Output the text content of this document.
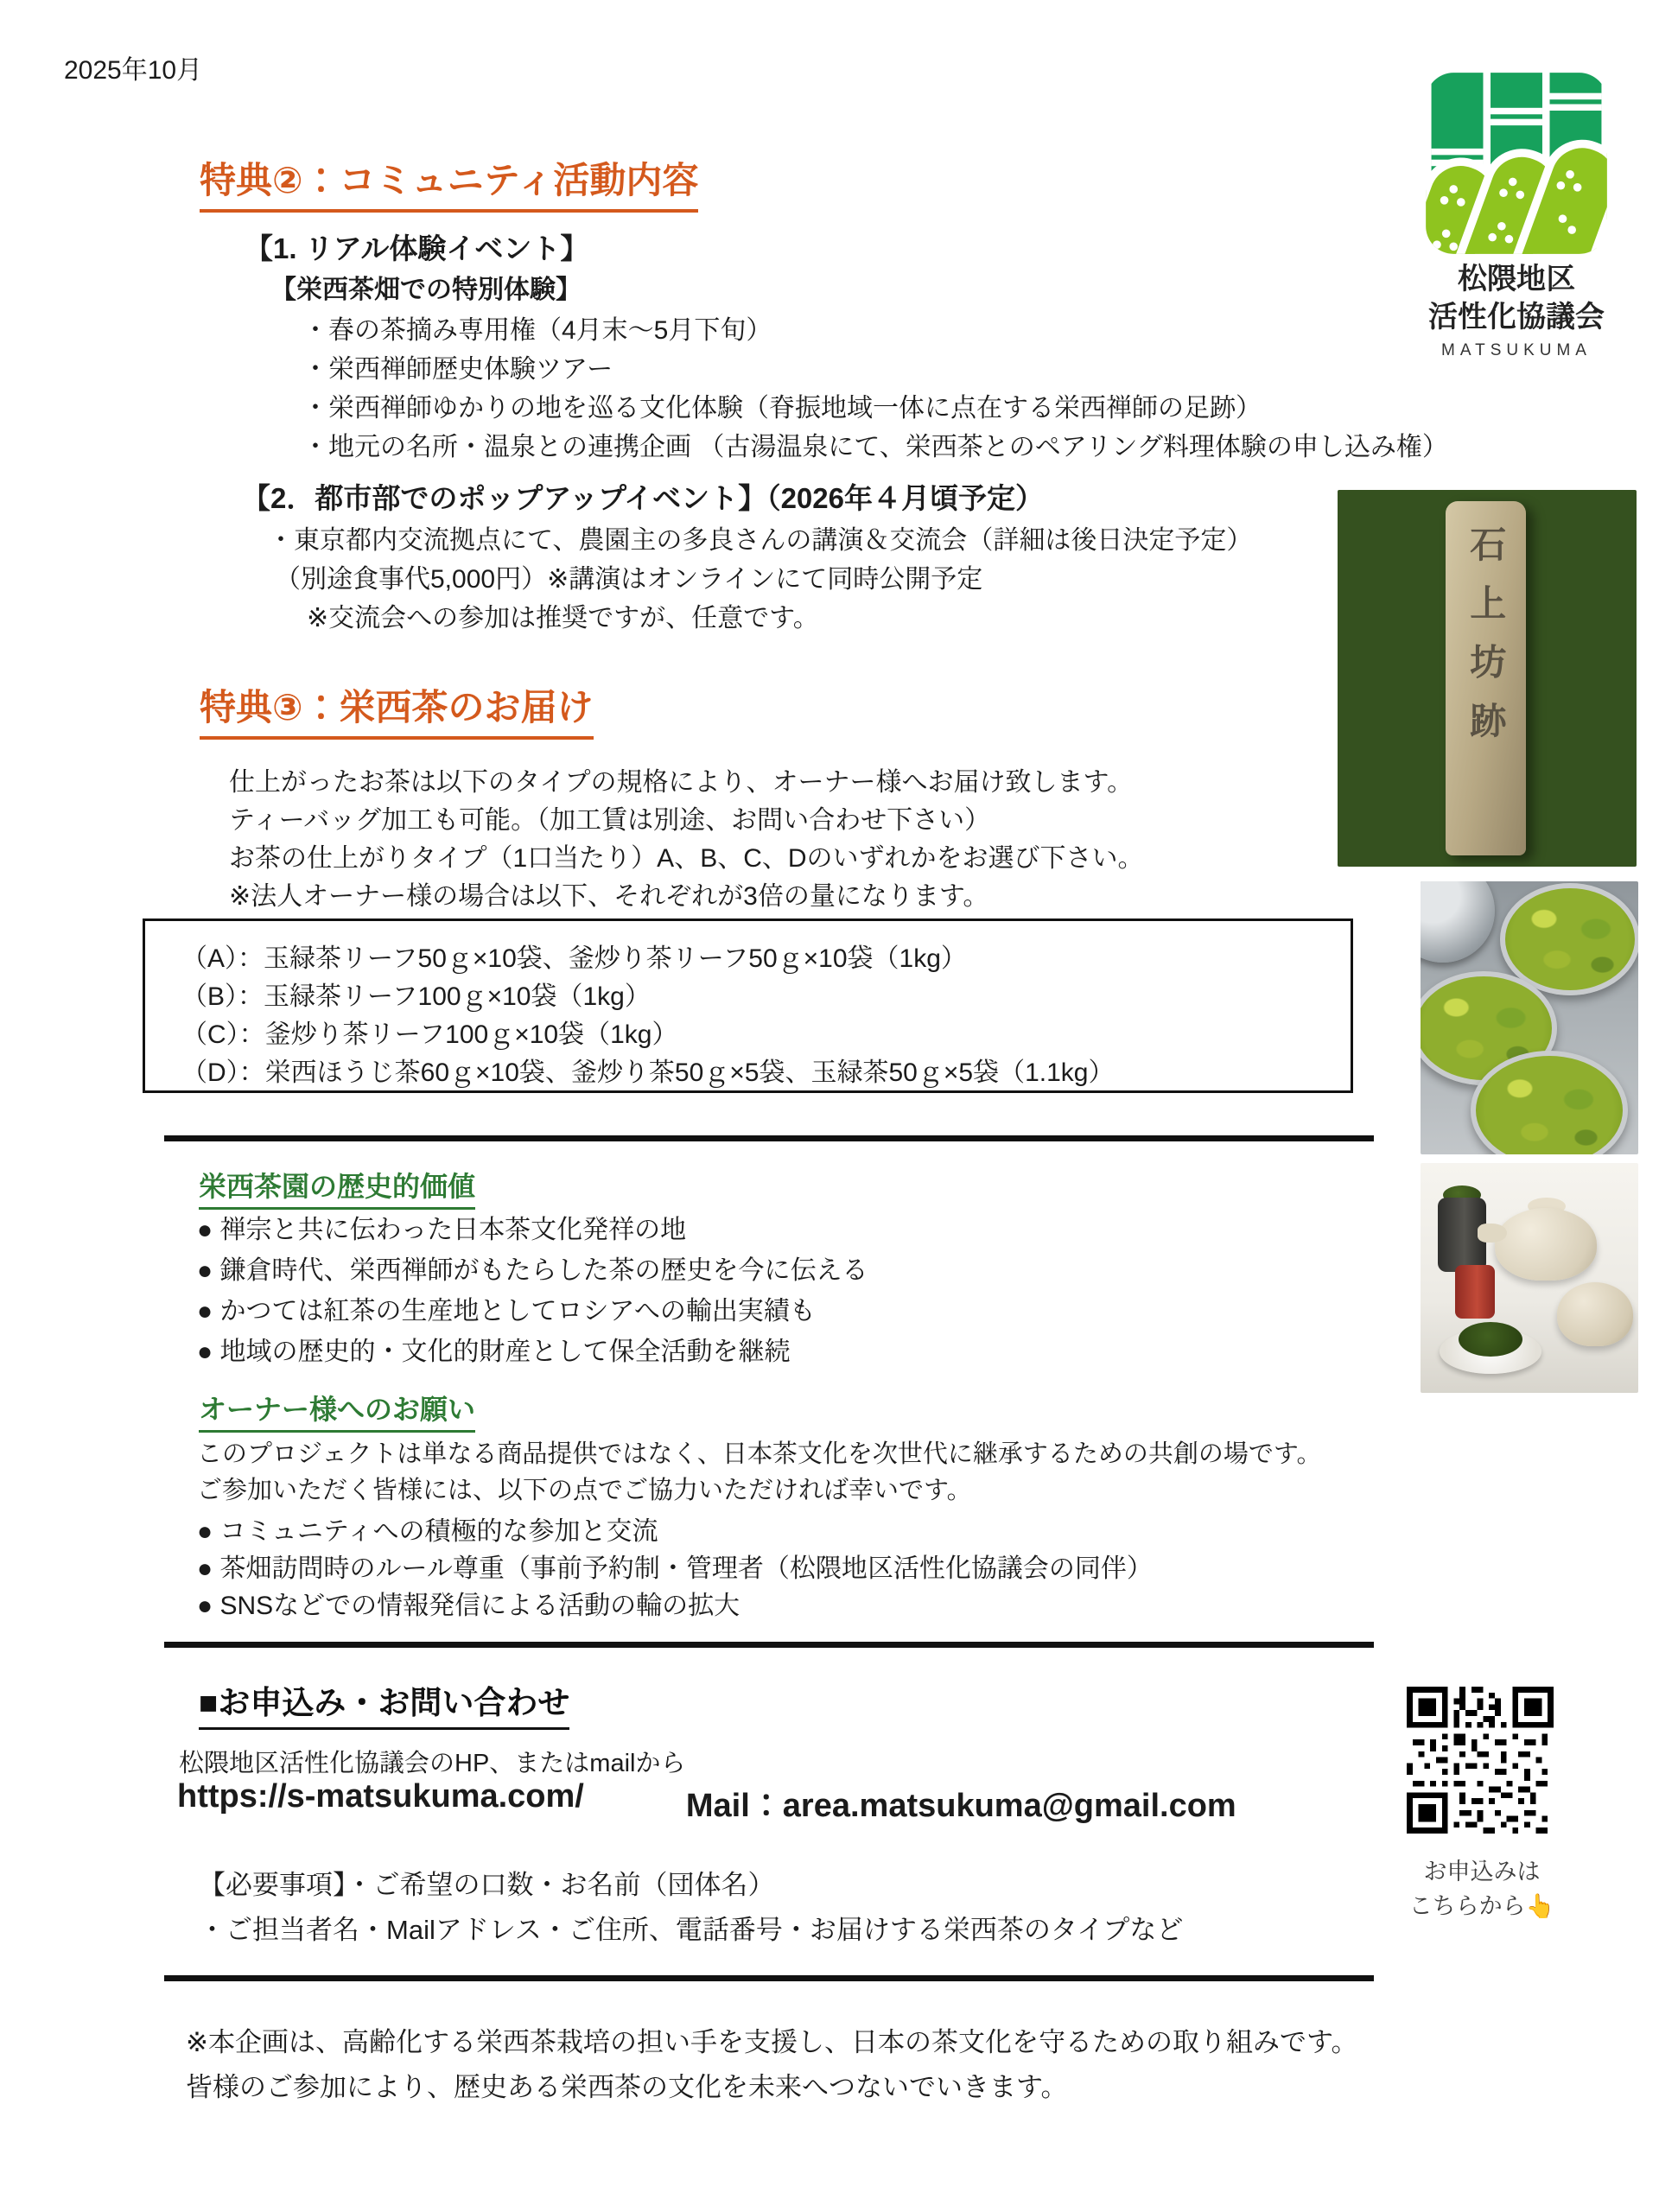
2025年10月
松隈地区
活性化協議会
MATSUKUMA
特典②：コミュニティ活動内容
【1. リアル体験イベント】
【栄西茶畑での特別体験】
・春の茶摘み専用権（4月末～5月下旬）
・栄西禅師歴史体験ツアー
・栄西禅師ゆかりの地を巡る文化体験（脊振地域一体に点在する栄西禅師の足跡）
・地元の名所・温泉との連携企画 （古湯温泉にて、栄西茶とのペアリング料理体験の申し込み権）
【2．都市部でのポップアップイベント】（2026年４月頃予定）
・東京都内交流拠点にて、農園主の多良さんの講演＆交流会（詳細は後日決定予定）
（別途食事代5,000円）※講演はオンラインにて同時公開予定
※交流会への参加は推奨ですが、任意です。
特典③：栄西茶のお届け
仕上がったお茶は以下のタイプの規格により、オーナー様へお届け致します。
ティーバッグ加工も可能。（加工賃は別途、お問い合わせ下さい）
お茶の仕上がりタイプ（1口当たり）A、B、C、Dのいずれかをお選び下さい。
※法人オーナー様の場合は以下、それぞれが3倍の量になります。
（A）：玉緑茶リーフ50ｇ×10袋、釜炒り茶リーフ50ｇ×10袋（1kg）
（B）：玉緑茶リーフ100ｇ×10袋（1kg）
（C）：釜炒り茶リーフ100ｇ×10袋（1kg）
（D）：栄西ほうじ茶60ｇ×10袋、釜炒り茶50ｇ×5袋、玉緑茶50ｇ×5袋（1.1kg）
栄西茶園の歴史的価値
● 禅宗と共に伝わった日本茶文化発祥の地
● 鎌倉時代、栄西禅師がもたらした茶の歴史を今に伝える
● かつては紅茶の生産地としてロシアへの輸出実績も
● 地域の歴史的・文化的財産として保全活動を継続
オーナー様へのお願い
このプロジェクトは単なる商品提供ではなく、日本茶文化を次世代に継承するための共創の場です。
ご参加いただく皆様には、以下の点でご協力いただければ幸いです。
● コミュニティへの積極的な参加と交流
● 茶畑訪問時のルール尊重（事前予約制・管理者（松隈地区活性化協議会の同伴）
● SNSなどでの情報発信による活動の輪の拡大
■お申込み・お問い合わせ
松隈地区活性化協議会のHP、またはmailから
https://s-matsukuma.com/	Mail：area.matsukuma@gmail.com
【必要事項】・ご希望の口数・お名前（団体名）
・ご担当者名・Mailアドレス・ご住所、電話番号・お届けする栄西茶のタイプなど
お申込みは
こちらから👆
※本企画は、高齢化する栄西茶栽培の担い手を支援し、日本の茶文化を守るための取り組みです。
皆様のご参加により、歴史ある栄西茶の文化を未来へつないでいきます。
石上坊跡
